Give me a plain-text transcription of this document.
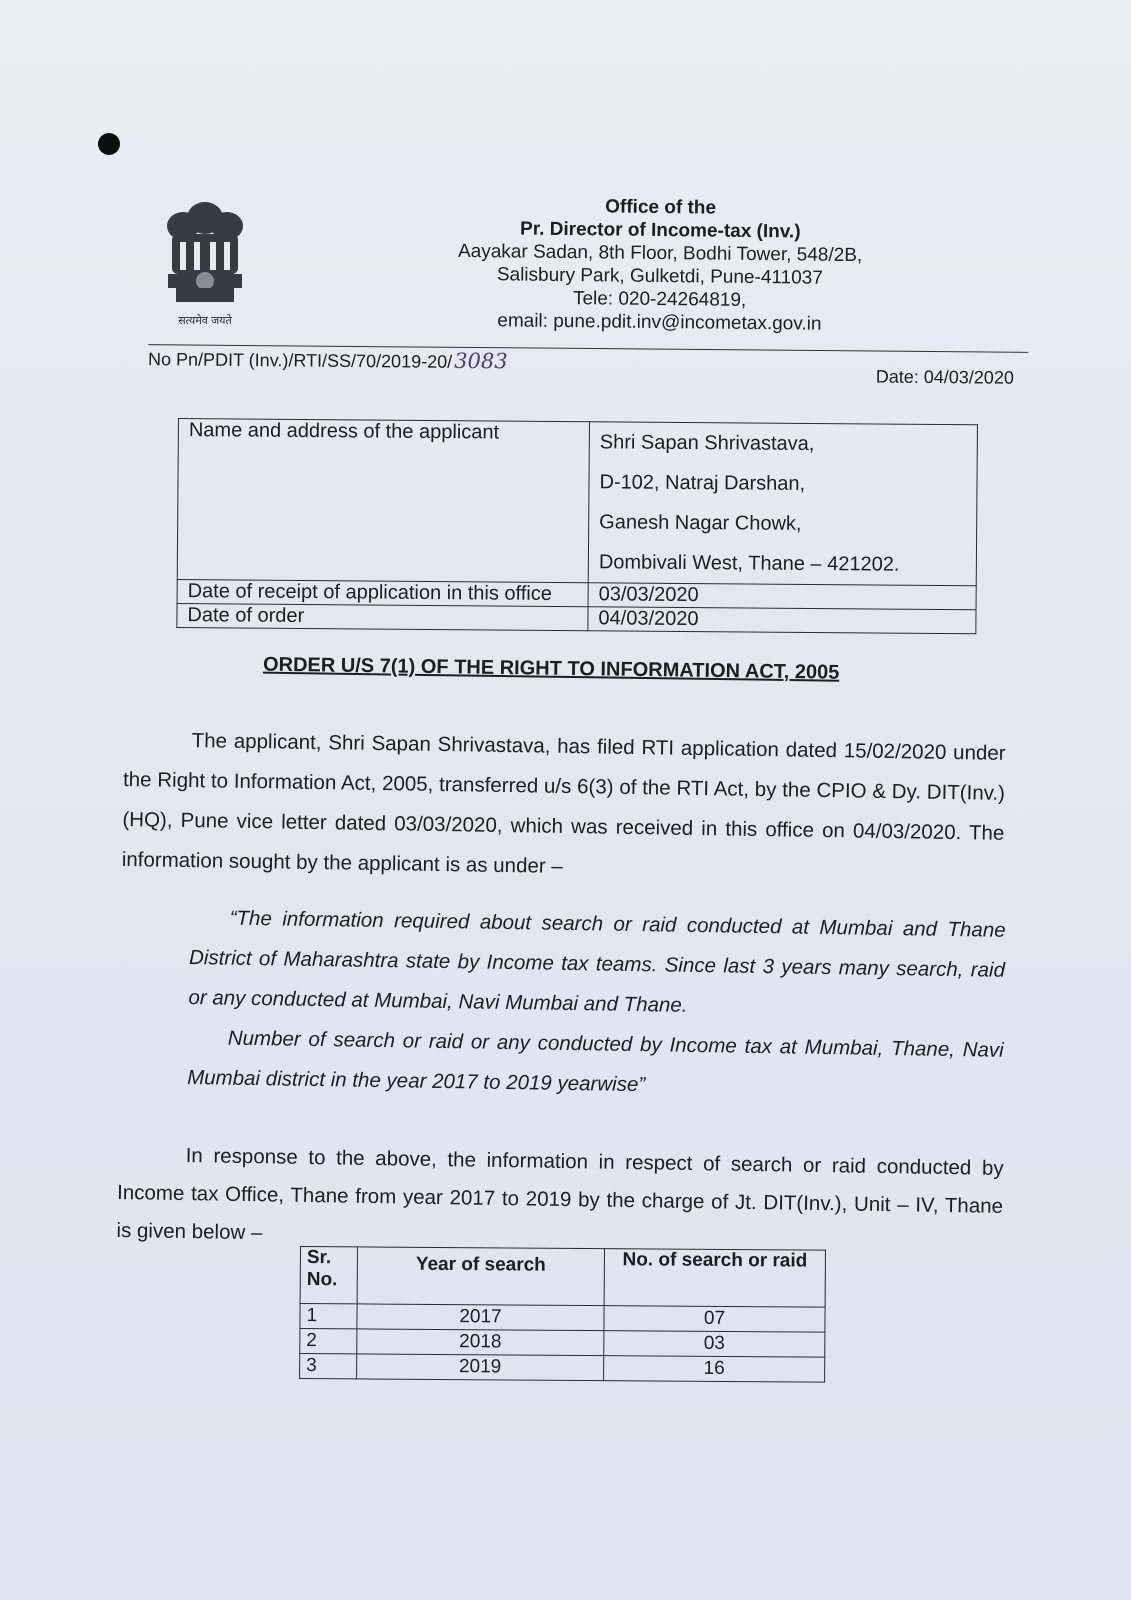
सत्यमेव जयते
Office of the
Pr. Director of Income-tax (Inv.)
Aayakar Sadan, 8th Floor, Bodhi Tower, 548/2B,
Salisbury Park, Gulketdi, Pune-411037
Tele: 020-24264819,
email: pune.pdit.inv@incometax.gov.in
No Pn/PDIT (Inv.)/RTI/SS/70/2019-20/3083
Date: 04/03/2020
Name and address of the applicant	Shri Sapan Shrivastava,
D-102, Natraj Darshan,
Ganesh Nagar Chowk,
Dombivali West, Thane – 421202.

Date of receipt of application in this office	03/03/2020
Date of order	04/03/2020
ORDER U/S 7(1) OF THE RIGHT TO INFORMATION ACT, 2005
The applicant, Shri Sapan Shrivastava, has filed RTI application dated 15/02/2020 under the Right to Information Act, 2005, transferred u/s 6(3) of the RTI Act, by the CPIO & Dy. DIT(Inv.)(HQ), Pune vice letter dated 03/03/2020, which was received in this office on 04/03/2020. The information sought by the applicant is as under –
“The information required about search or raid conducted at Mumbai and Thane District of Maharashtra state by Income tax teams. Since last 3 years many search, raid or any conducted at Mumbai, Navi Mumbai and Thane.
Number of search or raid or any conducted by Income tax at Mumbai, Thane, Navi Mumbai district in the year 2017 to 2019 yearwise”
In response to the above, the information in respect of search or raid conducted by Income tax Office, Thane from year 2017 to 2019 by the charge of Jt. DIT(Inv.), Unit – IV, Thane is given below –
Sr. No.	Year of search	No. of search or raid
1	2017	07
2	2018	03
3	2019	16
